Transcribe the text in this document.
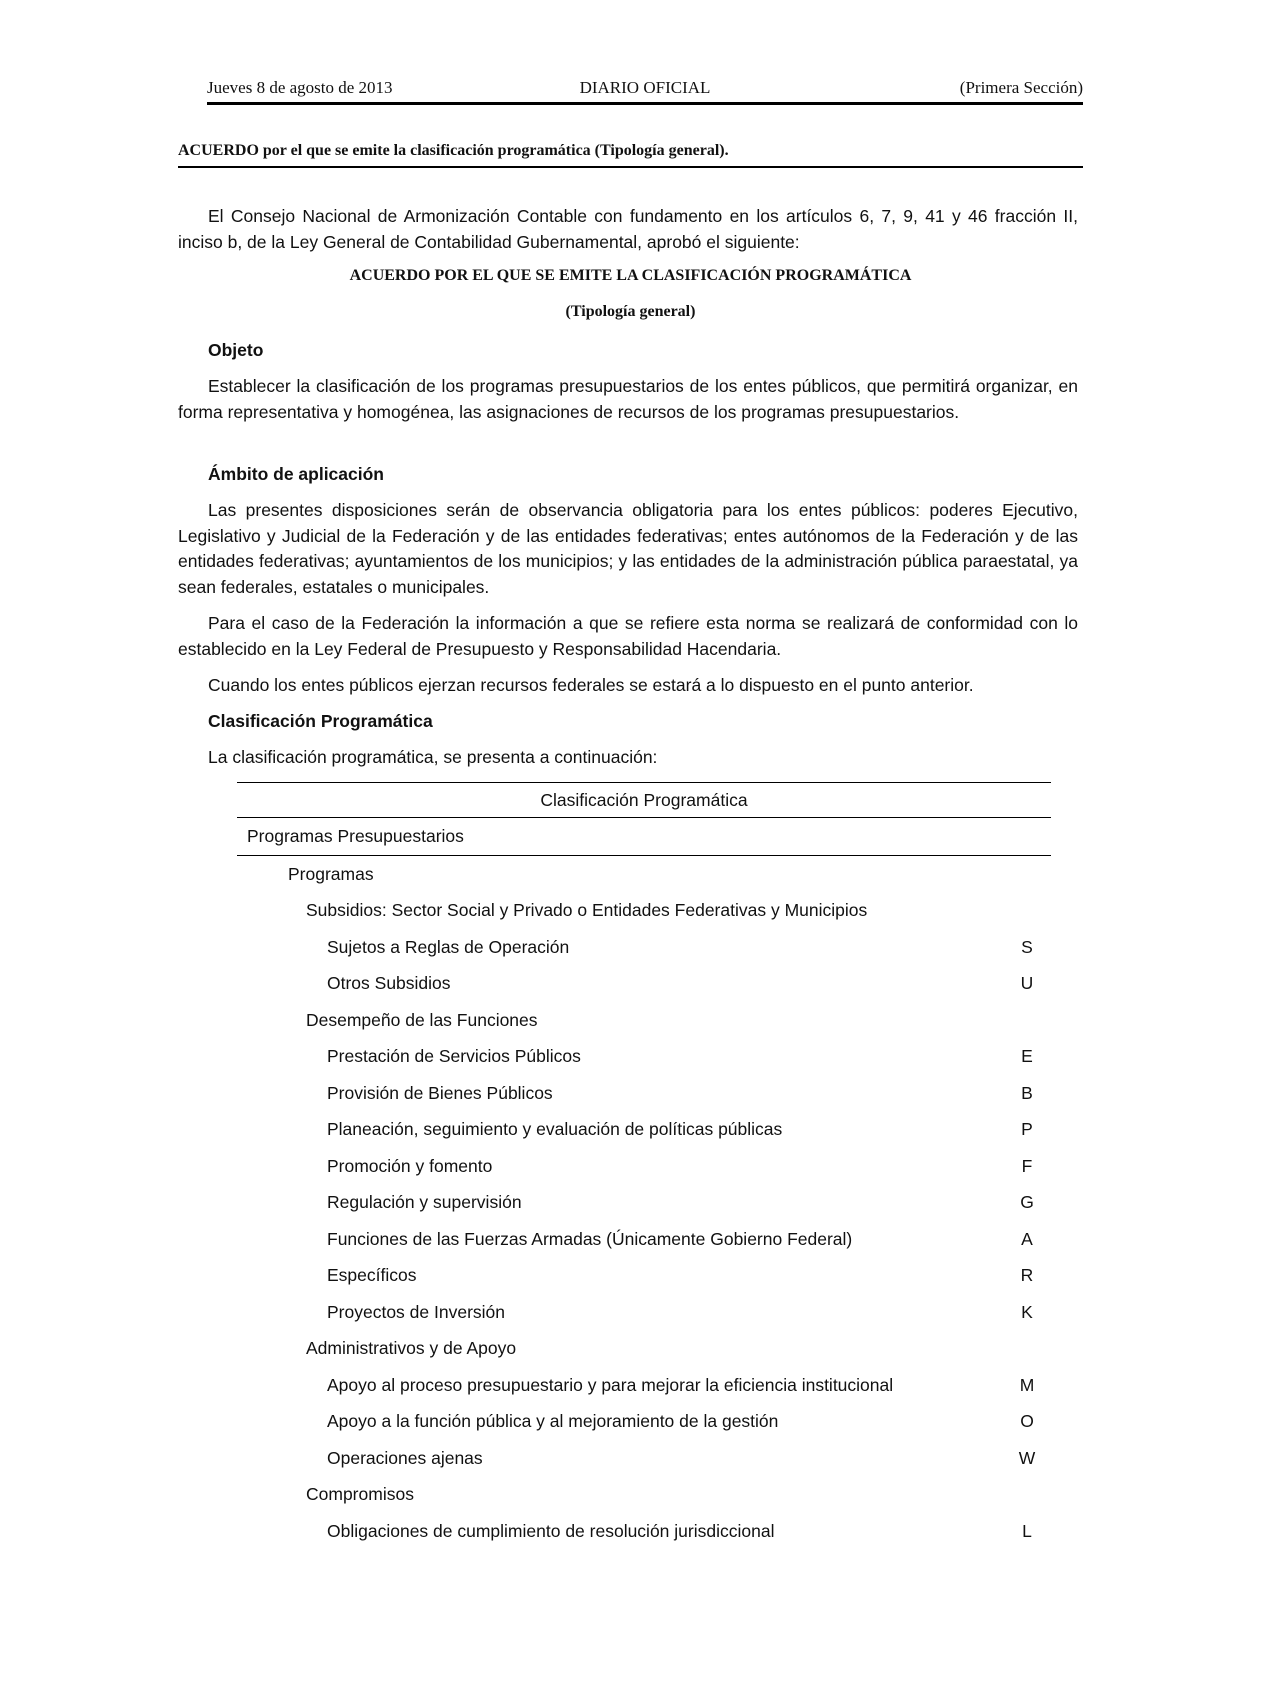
Jueves 8 de agosto de 2013	DIARIO OFICIAL	(Primera Sección)
ACUERDO por el que se emite la clasificación programática (Tipología general).
El Consejo Nacional de Armonización Contable con fundamento en los artículos 6, 7, 9, 41 y 46 fracción II, inciso b, de la Ley General de Contabilidad Gubernamental, aprobó el siguiente:
ACUERDO POR EL QUE SE EMITE LA CLASIFICACIÓN PROGRAMÁTICA
(Tipología general)
Objeto
Establecer la clasificación de los programas presupuestarios de los entes públicos, que permitirá organizar, en forma representativa y homogénea, las asignaciones de recursos de los programas presupuestarios.
Ámbito de aplicación
Las presentes disposiciones serán de observancia obligatoria para los entes públicos: poderes Ejecutivo, Legislativo y Judicial de la Federación y de las entidades federativas; entes autónomos de la Federación y de las entidades federativas; ayuntamientos de los municipios; y las entidades de la administración pública paraestatal, ya sean federales, estatales o municipales.
Para el caso de la Federación la información a que se refiere esta norma se realizará de conformidad con lo establecido en la Ley Federal de Presupuesto y Responsabilidad Hacendaria.
Cuando los entes públicos ejerzan recursos federales se estará a lo dispuesto en el punto anterior.
Clasificación Programática
La clasificación programática, se presenta a continuación:
Clasificación Programática
Programas Presupuestarios
Programas
Subsidios: Sector Social y Privado o Entidades Federativas y Municipios
Sujetos a Reglas de Operación	S
Otros Subsidios	U
Desempeño de las Funciones
Prestación de Servicios Públicos	E
Provisión de Bienes Públicos	B
Planeación, seguimiento y evaluación de políticas públicas	P
Promoción y fomento	F
Regulación y supervisión	G
Funciones de las Fuerzas Armadas (Únicamente Gobierno Federal)	A
Específicos	R
Proyectos de Inversión	K
Administrativos y de Apoyo
Apoyo al proceso presupuestario y para mejorar la eficiencia institucional	M
Apoyo a la función pública y al mejoramiento de la gestión	O
Operaciones ajenas	W
Compromisos
Obligaciones de cumplimiento de resolución jurisdiccional	L
